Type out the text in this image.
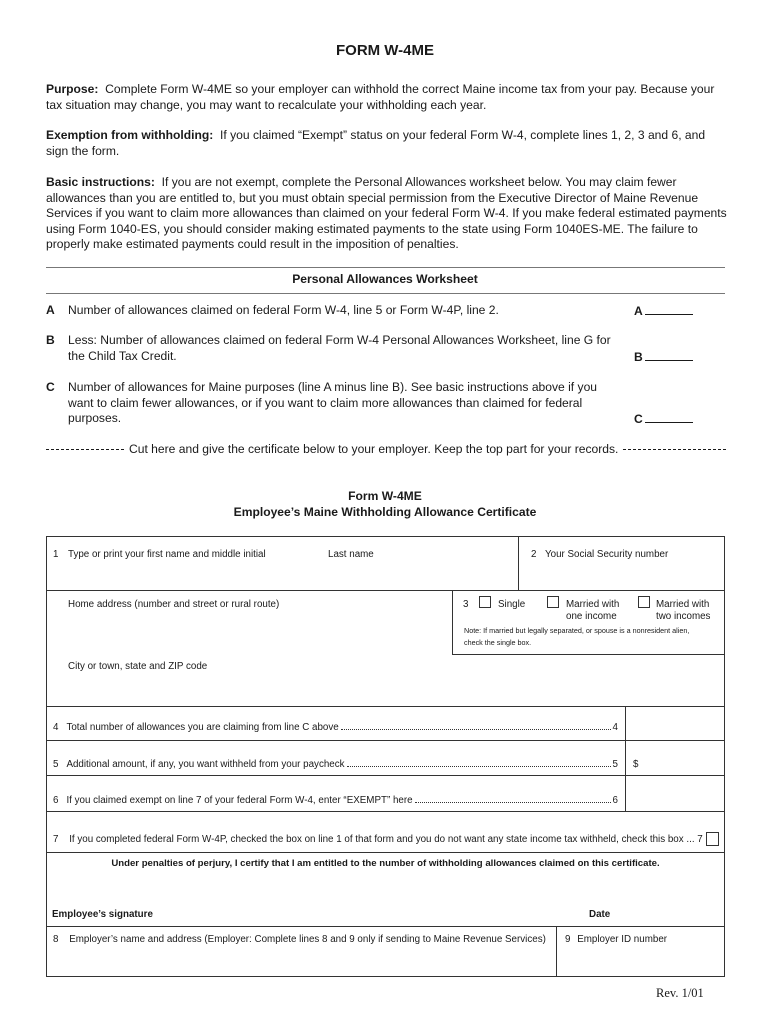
FORM W-4ME
Purpose: Complete Form W-4ME so your employer can withhold the correct Maine income tax from your pay. Because your tax situation may change, you may want to recalculate your withholding each year.
Exemption from withholding: If you claimed “Exempt” status on your federal Form W-4, complete lines 1, 2, 3 and 6, and sign the form.
Basic instructions: If you are not exempt, complete the Personal Allowances worksheet below. You may claim fewer allowances than you are entitled to, but you must obtain special permission from the Executive Director of Maine Revenue Services if you want to claim more allowances than claimed on your federal Form W-4. If you make federal estimated payments using Form 1040-ES, you should consider making estimated payments to the state using Form 1040ES-ME. The failure to properly make estimated payments could result in the imposition of penalties.
Personal Allowances Worksheet
A Number of allowances claimed on federal Form W-4, line 5 or Form W-4P, line 2.	A
B Less: Number of allowances claimed on federal Form W-4 Personal Allowances Worksheet, line G for the Child Tax Credit.	B
C Number of allowances for Maine purposes (line A minus line B). See basic instructions above if you want to claim fewer allowances, or if you want to claim more allowances than claimed for federal purposes.	C
Cut here and give the certificate below to your employer. Keep the top part for your records.
Form W-4ME
Employee’s Maine Withholding Allowance Certificate
1 Type or print your first name and middle initial	Last name	2 Your Social Security number
Home address (number and street or rural route)	3	Single	Married with
one income
Married with
two incomes
Note: If married but legally separated, or spouse is a nonresident alien,
check the single box.
City or town, state and ZIP code
4 Total number of allowances you are claiming from line C above	4
5 Additional amount, if any, you want withheld from your paycheck	5 $
6 If you claimed exempt on line 7 of your federal Form W-4, enter “EXEMPT” here	6
7 If you completed federal Form W-4P, checked the box on line 1 of that form and you do not want any state income tax withheld, check this box ... 7
Under penalties of perjury, I certify that I am entitled to the number of withholding allowances claimed on this certificate.
Employee’s signature	Date
8 Employer’s name and address (Employer: Complete lines 8 and 9 only if sending to Maine Revenue Services) 9 Employer ID number
Rev. 1/01
